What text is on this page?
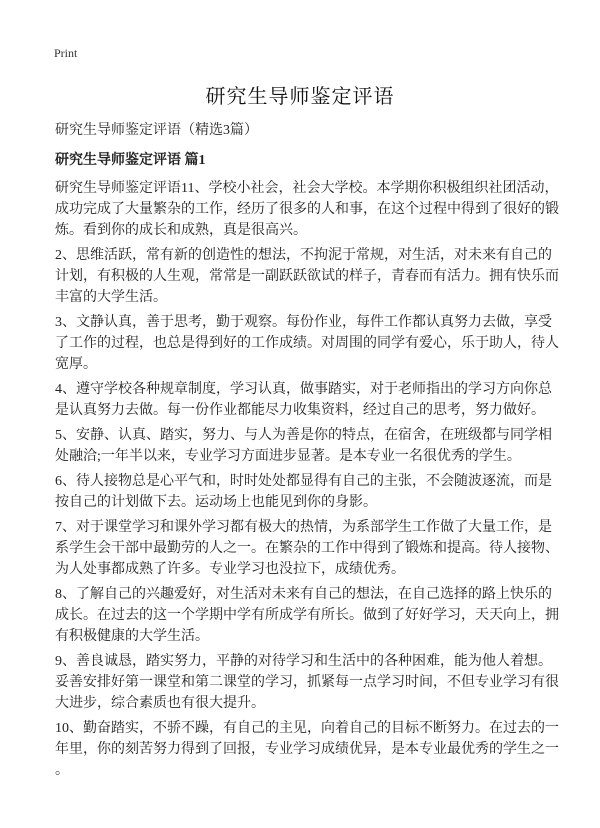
Print
研究生导师鉴定评语
研究生导师鉴定评语（精选3篇）
研究生导师鉴定评语 篇1
研究生导师鉴定评语11、学校小社会，社会大学校。本学期你积极组织社团活动，
成功完成了大量繁杂的工作，经历了很多的人和事，在这个过程中得到了很好的锻
炼。看到你的成长和成熟，真是很高兴。
2、思维活跃，常有新的创造性的想法，不拘泥于常规，对生活，对未来有自己的
计划，有积极的人生观，常常是一副跃跃欲试的样子，青春而有活力。拥有快乐而
丰富的大学生活。
3、文静认真，善于思考，勤于观察。每份作业，每件工作都认真努力去做，享受
了工作的过程，也总是得到好的工作成绩。对周围的同学有爱心，乐于助人，待人
宽厚。
4、遵守学校各种规章制度，学习认真，做事踏实，对于老师指出的学习方向你总
是认真努力去做。每一份作业都能尽力收集资料，经过自己的思考，努力做好。
5、安静、认真、踏实，努力、与人为善是你的特点，在宿舍，在班级都与同学相
处融洽;一年半以来，专业学习方面进步显著。是本专业一名很优秀的学生。
6、待人接物总是心平气和，时时处处都显得有自己的主张，不会随波逐流，而是
按自己的计划做下去。运动场上也能见到你的身影。
7、对于课堂学习和课外学习都有极大的热情，为系部学生工作做了大量工作，是
系学生会干部中最勤劳的人之一。在繁杂的工作中得到了锻炼和提高。待人接物、
为人处事都成熟了许多。专业学习也没拉下，成绩优秀。
8、了解自己的兴趣爱好，对生活对未来有自己的想法，在自己选择的路上快乐的
成长。在过去的这一个学期中学有所成学有所长。做到了好好学习，天天向上，拥
有积极健康的大学生活。
9、善良诚恳，踏实努力，平静的对待学习和生活中的各种困难，能为他人着想。
妥善安排好第一课堂和第二课堂的学习，抓紧每一点学习时间，不但专业学习有很
大进步，综合素质也有很大提升。
10、勤奋踏实，不骄不躁，有自己的主见，向着自己的目标不断努力。在过去的一
年里，你的刻苦努力得到了回报，专业学习成绩优异，是本专业最优秀的学生之一
。
